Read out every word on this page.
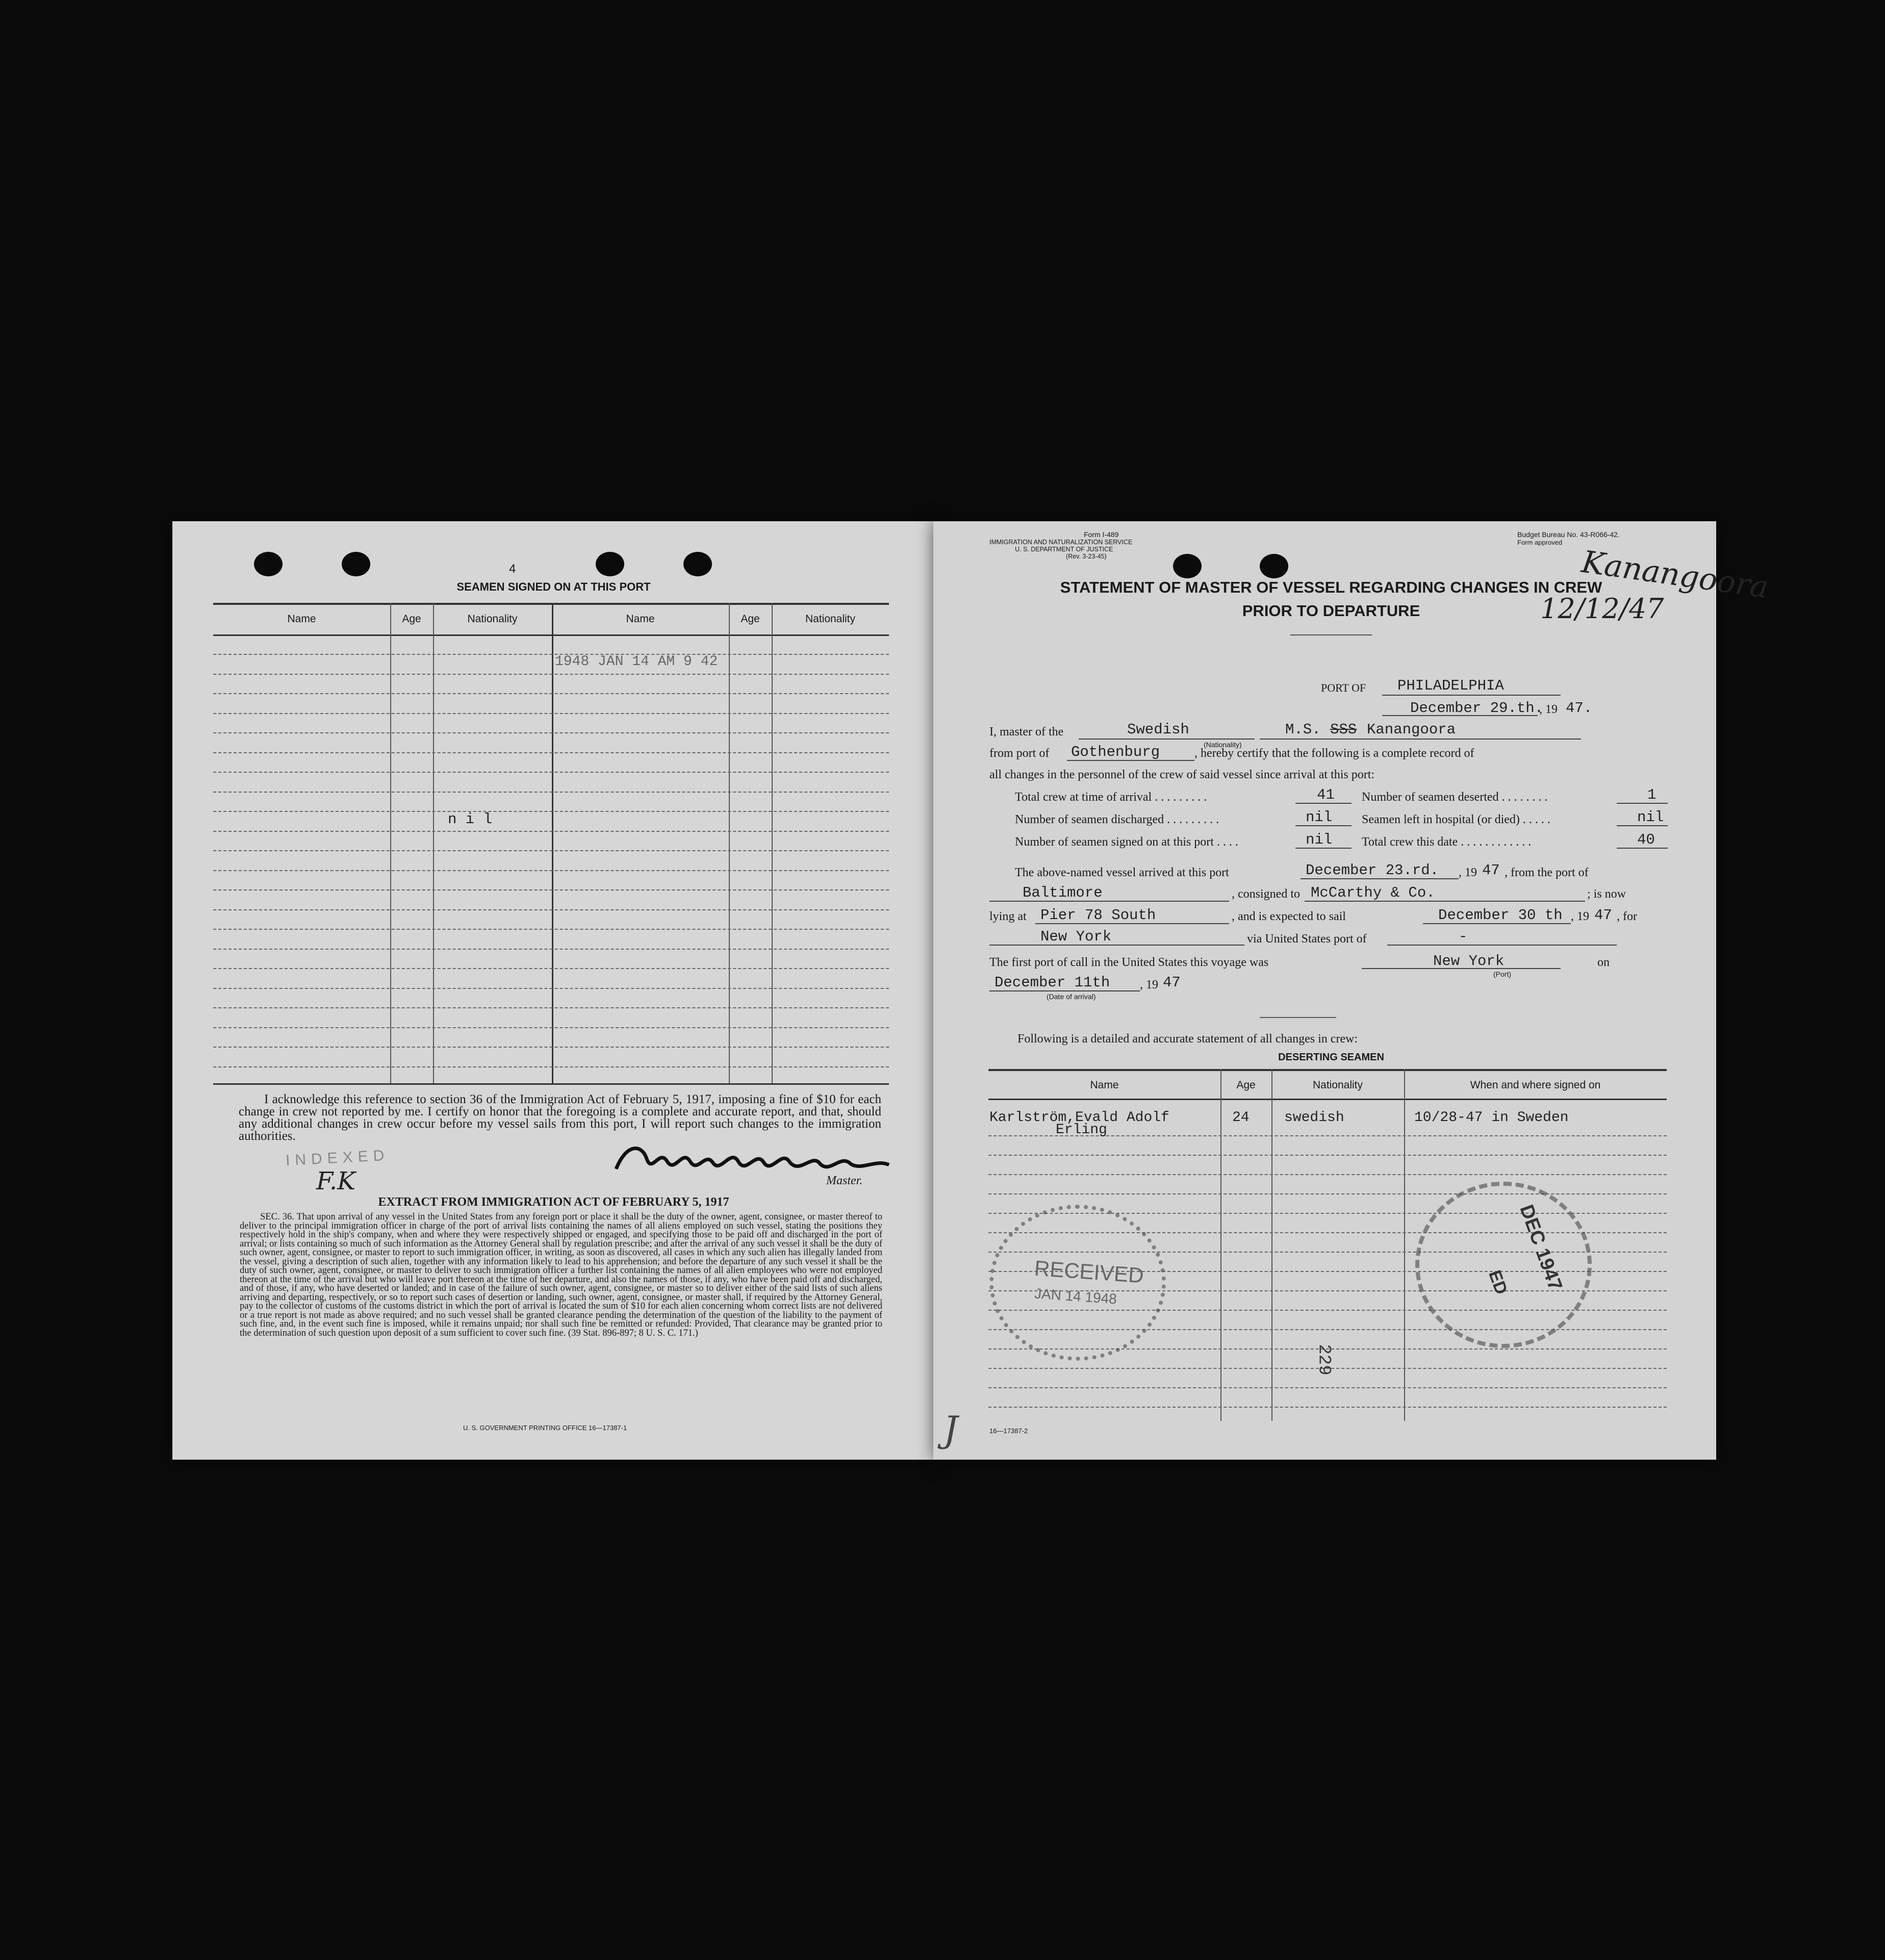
4
SEAMEN SIGNED ON AT THIS PORT
Name	Age	Nationality	Name	Age	Nationality
1948 JAN 14 AM 9 42
n i l
I acknowledge this reference to section 36 of the Immigration Act of February 5, 1917, imposing a fine of $10 for each change in crew not reported by me. I certify on honor that the foregoing is a complete and accurate report, and that, should any additional changes in crew occur before my vessel sails from this port, I will report such changes to the immigration authorities.
INDEXED
F.K	Master.
EXTRACT FROM IMMIGRATION ACT OF FEBRUARY 5, 1917
SEC. 36. That upon arrival of any vessel in the United States from any foreign port or place it shall be the duty of the owner, agent, consignee, or master thereof to deliver to the principal immigration officer in charge of the port of arrival lists containing the names of all aliens employed on such vessel, stating the positions they respectively hold in the ship's company, when and where they were respectively shipped or engaged, and specifying those to be paid off and discharged in the port of arrival; or lists containing so much of such information as the Attorney General shall by regulation prescribe; and after the arrival of any such vessel it shall be the duty of such owner, agent, consignee, or master to report to such immigration officer, in writing, as soon as discovered, all cases in which any such alien has illegally landed from the vessel, giving a description of such alien, together with any information likely to lead to his apprehension; and before the departure of any such vessel it shall be the duty of such owner, agent, consignee, or master to deliver to such immigration officer a further list containing the names of all alien employees who were not employed thereon at the time of the arrival but who will leave port thereon at the time of her departure, and also the names of those, if any, who have been paid off and discharged, and of those, if any, who have deserted or landed; and in case of the failure of such owner, agent, consignee, or master so to deliver either of the said lists of such aliens arriving and departing, respectively, or so to report such cases of desertion or landing, such owner, agent, consignee, or master shall, if required by the Attorney General, pay to the collector of customs of the customs district in which the port of arrival is located the sum of $10 for each alien concerning whom correct lists are not delivered or a true report is not made as above required; and no such vessel shall be granted clearance pending the determination of the question of the liability to the payment of such fine, and, in the event such fine is imposed, while it remains unpaid; nor shall such fine be remitted or refunded: Provided, That clearance may be granted prior to the determination of such question upon deposit of a sum sufficient to cover such fine. (39 Stat. 896-897; 8 U. S. C. 171.)
U. S. GOVERNMENT PRINTING OFFICE 16—17387-1
Form I-489
IMMIGRATION AND NATURALIZATION SERVICE
U. S. DEPARTMENT OF JUSTICE
(Rev. 3-23-45)
Budget Bureau No. 43-R066-42.
Form approved
STATEMENT OF MASTER OF VESSEL REGARDING CHANGES IN CREW
PRIOR TO DEPARTURE
Kanangoora
12/12/47
PORT OF PHILADELPHIA
December 29.th.
, 19 47.
I, master of the	Swedish
(Nationality)
M.S. SSS Kanangoora
from port of Gothenburg	, hereby certify that the following is a complete record of
all changes in the personnel of the crew of said vessel since arrival at this port:
Total crew at time of arrival . . . . . . . . .	41 Number of seamen deserted . . . . . . . .	1
Number of seamen discharged . . . . . . . . .	nil Seamen left in hospital (or died) . . . . .	nil
Number of seamen signed on at this port . . . .	nil Total crew this date . . . . . . . . . . . .	40
The above-named vessel arrived at this port	December 23.rd. , 19 47 , from the port of
Baltimore	, consigned to McCarthy & Co.	; is now
lying at Pier 78 South	, and is expected to sail	December 30 th , 19 47 , for
New York	via United States port of	-
The first port of call in the United States this voyage was	New York
(Port)
on
December 11th , 19 47
(Date of arrival)
Following is a detailed and accurate statement of all changes in crew:
DESERTING SEAMEN
Name	Age	Nationality	When and where signed on
Karlström,Evald Adolf
Erling
24 swedish	10/28-47 in Sweden
RECEIVED
JAN 14 1948
DEC 1947
ED
229
16—17387-2
J
